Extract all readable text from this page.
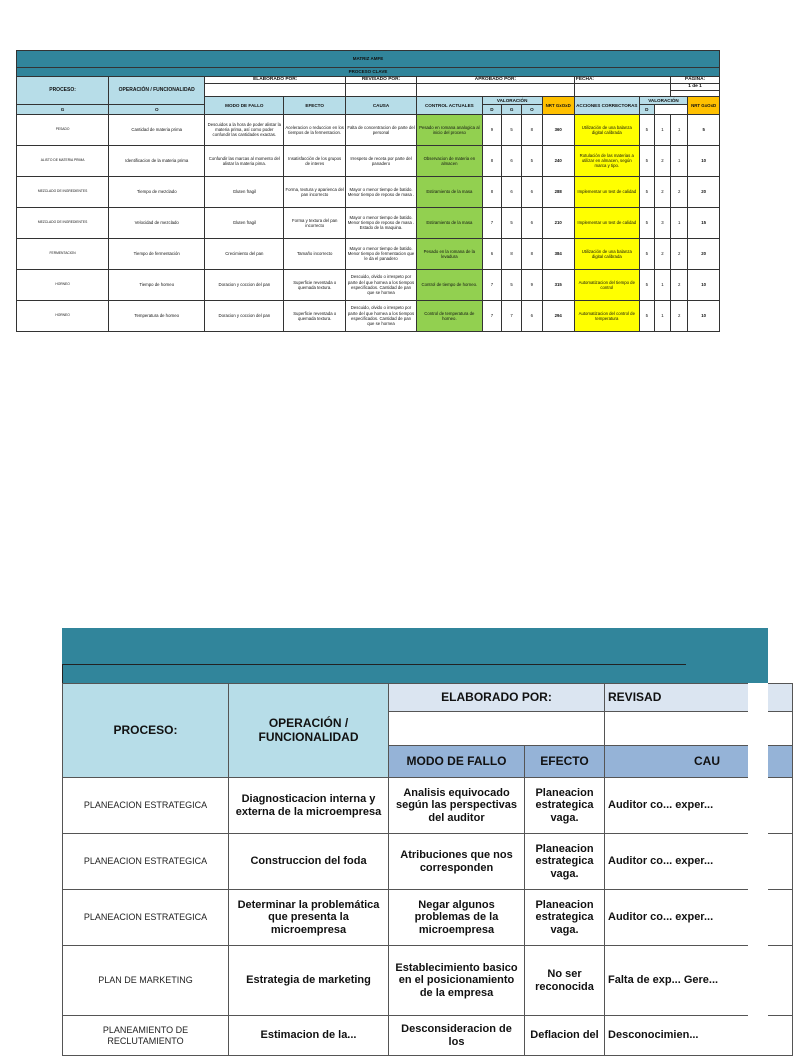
MATRIZ AMFE														
PROCESO CLAVE														
PROCESO:	OPERACIÓN / FUNCIONALIDAD	ELABORADO POR:		REVISADO POR:	APROBADO POR:					FECHA:			PÁGINA:	
													1 de 1	

		MODO DE FALLO	EFECTO	CAUSA	CONTROL ACTUALES	VALORACIÓN			NRT GxOxD	ACCIONES CORRECTORAS	VALORACIÓN			NRT GxOxD
G	O					D	G	O			D			
PESADO	Cantidad de materia prima	Descuidos a la hora de poder alistar la materia prima, así como poder confundir las cantidades exactas.	Aceleracion o reduccion en los tiempos de la fermentacion.	Falta de concentracion de parte del personal	Pesado en romana analogica al inicio del proceso	9	5	8	360	Utilización de una balanza digital calibrada	5	1	1	5
ALISTO DE MATERIA PRIMA	Identificacion de la materia prima	Confundir las marcas al momento del alistar la materia pima.	Insatisfacción de los grupos de interes	Irrespeto de receta por parte del panadero	Observacion de materia en almacen	8	6	5	240	Rotulación de las materias a utilizar en almacen, según marca y tipo.	5	2	1	10
MEZCLADO DE INGREDIENTES	Tiempo de mezclado	Gluten fragil	Forma, textura y aparienca del pan incorrecto	Mayor o menor tiempo de batido. Menor tiempo de reposo de masa .	Estiramiento de la masa	8	6	6	288	Implementar un test de calidad	5	2	2	20
MEZCLADO DE INGREDIENTES	Velocidad de mezclado	Gluten fragil	Forma y textura del pan incorrecto	Mayor o menor tiempo de batido. Menor tiempo de reposo de masa . Estado de la maquina.	Estiramiento de la masa	7	5	6	210	Implementar un test de calidad	5	3	1	15
FERMENTACION	Tiempo de fermentación	Crecimiento del pan	Tamaño incorrecto	Mayor o menor tiempo de batido. Menor tiempo de fermentacion que le da el panadero	Pesado en la romana de la levadura	6	8	8	384	Utilización de una balanza digital calibrada	5	2	2	20
HORNEO	Tiempo de horneo	Doracion y coccion del pan	Superficie reventada o quemada textura.	Descuido, olvido o irrespeto por parte del que hornea a los tiempos especificados. Cantidad de pan que se hornea	Control de tiempo de horneo.	7	5	9	315	Automatizacion del tiempo de control	5	1	2	10
HORNEO	Temperatura de horneo	Doracion y coccion del pan	Superficie reventada o quemada textura.	Descuido, olvido o irrespeto por parte del que hornea a los tiempos especificados. Cantidad de pan que se hornea	Control de temperatura de horneo.	7	7	6	294	Automatizacion del control de temperatura	5	1	2	10
PROCESO:	OPERACIÓN / FUNCIONALIDAD	ELABORADO POR:		REVISAD

		MODO DE FALLO	EFECTO	CAU
PLANEACION ESTRATEGICA	Diagnosticacion interna y externa de la microempresa	Analisis equivocado según las perspectivas del auditor	Planeacion estrategica vaga.	Auditor co... exper...
PLANEACION ESTRATEGICA	Construccion del foda	Atribuciones que nos corresponden	Planeacion estrategica vaga.	Auditor co... exper...
PLANEACION ESTRATEGICA	Determinar la problemática que presenta la microempresa	Negar algunos problemas de la microempresa	Planeacion estrategica vaga.	Auditor co... exper...
PLAN DE MARKETING	Estrategia de marketing	Establecimiento basico en el posicionamiento de la empresa	No ser reconocida	Falta de exp... Gere...
PLANEAMIENTO DE RECLUTAMIENTO	Estimacion de la...	Desconsideracion de los	Deflacion del	Desconocimien...
